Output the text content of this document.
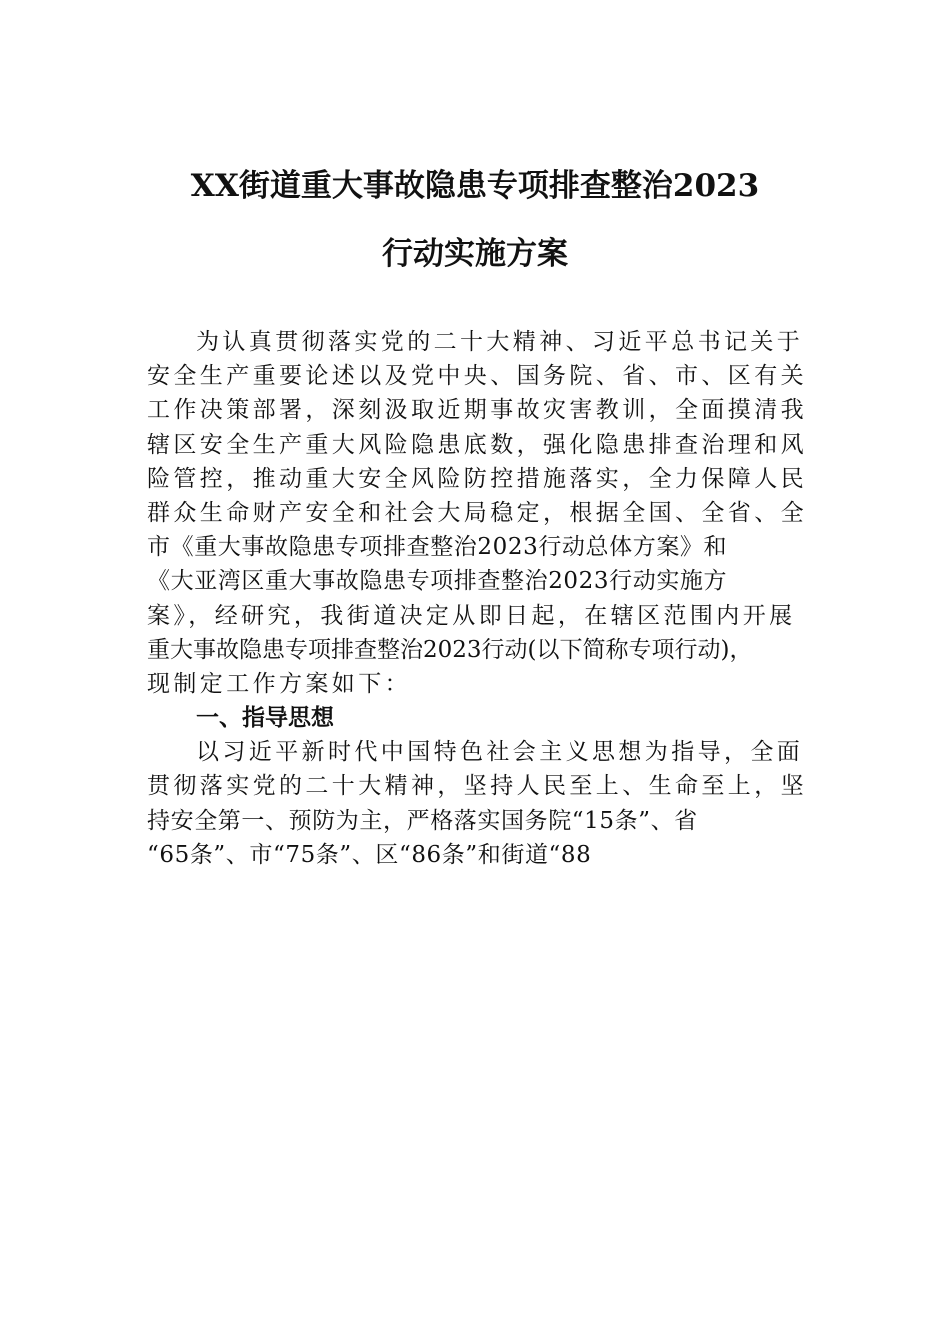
XX街道重大事故隐患专项排查整治2023
行动实施方案
为认真贯彻落实党的二十大精神、习近平总书记关于
安全生产重要论述以及党中央、国务院、省、市、区有关
工作决策部署，深刻汲取近期事故灾害教训，全面摸清我
辖区安全生产重大风险隐患底数，强化隐患排查治理和风
险管控，推动重大安全风险防控措施落实，全力保障人民
群众生命财产安全和社会大局稳定，根据全国、全省、全
市《重大事故隐患专项排查整治2023行动总体方案》和
《大亚湾区重大事故隐患专项排查整治2023行动实施方
案》，经研究，我街道决定从即日起，在辖区范围内开展
重大事故隐患专项排查整治2023行动(以下简称专项行动)，
现制定工作方案如下：
一、指导思想
以习近平新时代中国特色社会主义思想为指导，全面
贯彻落实党的二十大精神，坚持人民至上、生命至上，坚
持安全第一、预防为主，严格落实国务院“15条”、省
“65条”、市“75条”、区“86条”和街道“88
